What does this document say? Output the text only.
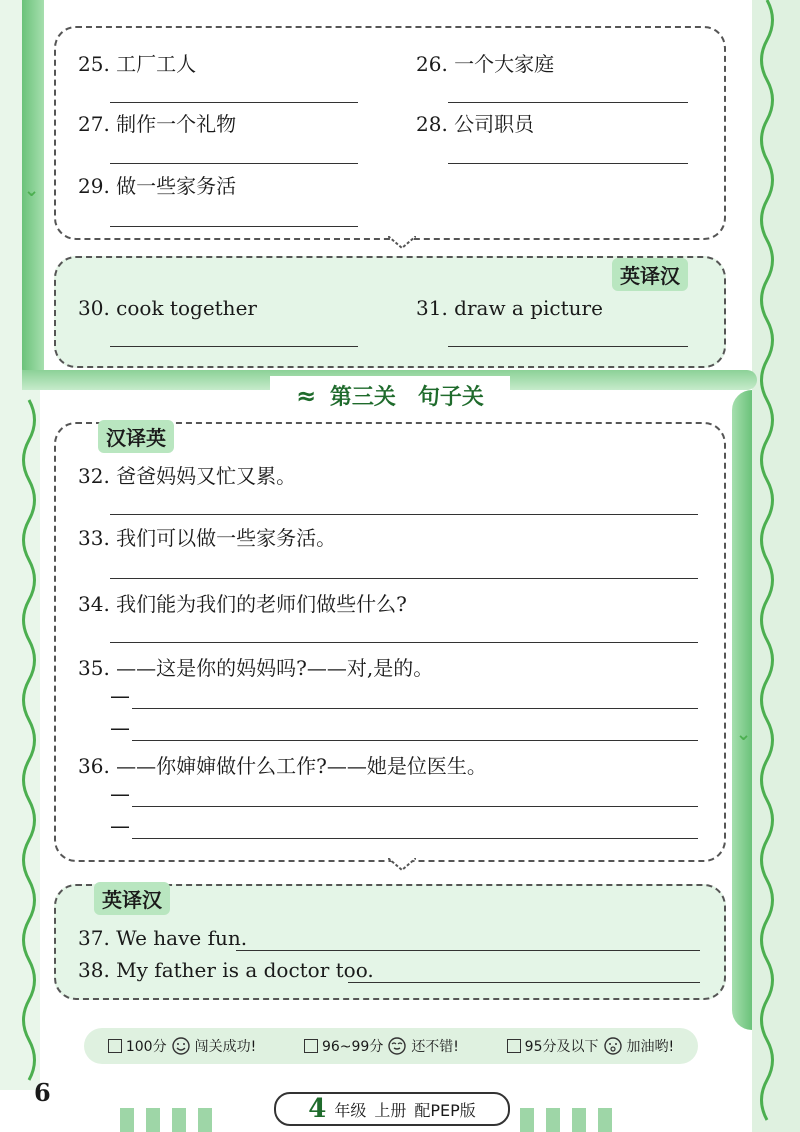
⌄
⌄
25. 工厂工人	26. 一个大家庭
27. 制作一个礼物	28. 公司职员
29. 做一些家务活
英译汉
30. cook together	31. draw a picture
≈ 第三关　句子关
汉译英
32. 爸爸妈妈又忙又累。
33. 我们可以做一些家务活。
34. 我们能为我们的老师们做些什么?
35. ——这是你的妈妈吗?——对,是的。
—
—
36. ——你婶婶做什么工作?——她是位医生。
—
—
英译汉
37. We have fun.
38. My father is a doctor too.
100分 闯关成功!	96~99分 还不错!	95分及以下 加油哟!
6
4 年级 上册 配PEP版
